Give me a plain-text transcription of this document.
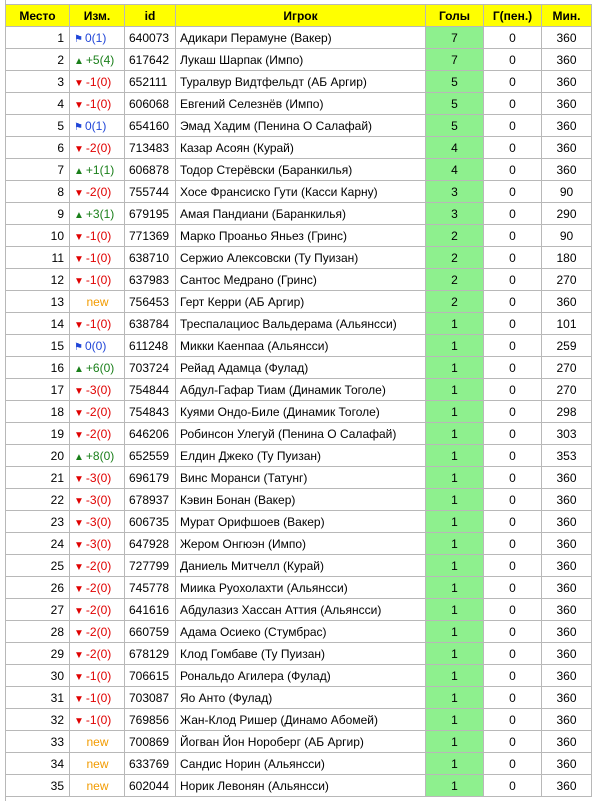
Место	Изм.	id	Игрок	Голы	Г(пен.)	Мин.
1	⚑ 0(1)	640073	Адикари Перамуне (Вакер)	7	0	360
2	▲ +5(4)	617642	Лукаш Шарпак (Импо)	7	0	360
3	▼ -1(0)	652111	Туралвур Видтфельдт (АБ Аргир)	5	0	360
4	▼ -1(0)	606068	Евгений Селезнёв (Импо)	5	0	360
5	⚑ 0(1)	654160	Эмад Хадим (Пенина О Салафай)	5	0	360
6	▼ -2(0)	713483	Казар Асоян (Курай)	4	0	360
7	▲ +1(1)	606878	Тодор Стерёвски (Баранкилья)	4	0	360
8	▼ -2(0)	755744	Хосе Франсиско Гути (Касси Карну)	3	0	90
9	▲ +3(1)	679195	Амая Пандиани (Баранкилья)	3	0	290
10	▼ -1(0)	771369	Марко Проаньо Яньез (Гринс)	2	0	90
11	▼ -1(0)	638710	Сержио Алексовски (Ту Пуизан)	2	0	180
12	▼ -1(0)	637983	Сантос Медрано (Гринс)	2	0	270
13	new	756453	Герт Керри (АБ Аргир)	2	0	360
14	▼ -1(0)	638784	Треспалациос Вальдерама (Альянсси)	1	0	101
15	⚑ 0(0)	611248	Микки Каенпаа (Альянсси)	1	0	259
16	▲ +6(0)	703724	Рейад Адамца (Фулад)	1	0	270
17	▼ -3(0)	754844	Абдул-Гафар Тиам (Динамик Тоголе)	1	0	270
18	▼ -2(0)	754843	Куями Ондо-Биле (Динамик Тоголе)	1	0	298
19	▼ -2(0)	646206	Робинсон Улегуй (Пенина О Салафай)	1	0	303
20	▲ +8(0)	652559	Елдин Джеко (Ту Пуизан)	1	0	353
21	▼ -3(0)	696179	Винс Моранси (Татунг)	1	0	360
22	▼ -3(0)	678937	Кэвин Бонан (Вакер)	1	0	360
23	▼ -3(0)	606735	Мурат Орифшоев (Вакер)	1	0	360
24	▼ -3(0)	647928	Жером Онгюэн (Импо)	1	0	360
25	▼ -2(0)	727799	Даниель Митчелл (Курай)	1	0	360
26	▼ -2(0)	745778	Миика Руохолахти (Альянсси)	1	0	360
27	▼ -2(0)	641616	Абдулазиз Хассан Аттия (Альянсси)	1	0	360
28	▼ -2(0)	660759	Адама Осиеко (Стумбрас)	1	0	360
29	▼ -2(0)	678129	Клод Гомбаве (Ту Пуизан)	1	0	360
30	▼ -1(0)	706615	Рональдо Агилера (Фулад)	1	0	360
31	▼ -1(0)	703087	Яо Анто (Фулад)	1	0	360
32	▼ -1(0)	769856	Жан-Клод Ришер (Динамо Абомей)	1	0	360
33	new	700869	Йогван Йон Нороберг (АБ Аргир)	1	0	360
34	new	633769	Сандис Норин (Альянсси)	1	0	360
35	new	602044	Норик Левонян (Альянсси)	1	0	360
